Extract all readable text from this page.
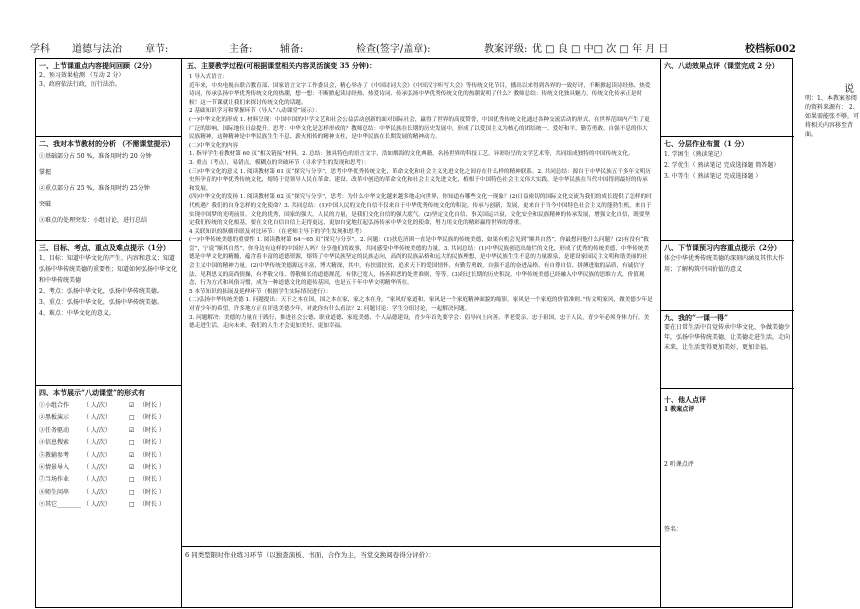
学科 道德与法治 章节:	主备:	辅备:	检查(签字/盖章):	教案评级: 优 □ 良 □ 中□ 次 □ 年 月 日	校档标002

一、上节课重点内容提问回顾（2分）

2、预习效果检测 （互动 2 分）

3、政府依法行政，厉行法治。

二、我对本节教材的分析 （不需课堂提示）

①基础部分占 50 %，准备用时约 20 分钟

掌握

②重点部分占 25 %，准备用时约 25分钟

突破

③难点的处理突发：小组讨论，进行总结

三、目标、考点、重点及难点提示（1分）

1、目标：知道中华文化的产生、内容和意义；知道弘扬中华传统美德的重要性；知道如何弘扬中华文化和中华传统美德

2、考点：弘扬中华文化，弘扬中华传统美德。

3、重点：弘扬中华文化，弘扬中华传统美德。

4、难点：中华文化的意义。

四、本节展示“八动课堂”的形式有

①小组合作	（ 人/次）	☑ （时长 ）
②黑板演示	（ 人/次）	□ （时长 ）
③任务驱动	（ 人/次）	☑ （时长 ）
④信息搜索	（ 人/次）	□ （时长 ）
⑤教辅参考	（ 人/次）	☑ （时长 ）
⑥情景导入	（ 人/次）	☑ （时长 ）
⑦当场作业	（ 人/次）	□ （时长 ）
⑧师生问串	（ 人/次）	□ （时长 ）
⑨其它________ （ 人/次）	□ （时长 ）

五、主要教学过程(可根据课堂相关内容灵活演变 35 分钟)：

1 导入式语言：

近年来，中央电视台联合教育部、国家语言文字工作委员会，精心举办了《中国诗词大会》《中国汉字听写大会》等传统文化节目，播出以来得到各界的一致好评，不断掀起读诗经热、热爱诗词，传承弘扬中华优秀传统文化的热潮，想一想：不断掀起读诗经热、热爱诗词、传承弘扬中华优秀传统文化的热潮说明了什么？教师总结：传统文化独具魅力，传统文化传承正是时候！这一节课就让我们来探讨传统文化的话题。

2 基础知识学习和掌握环节（导入“八动课堂”展示）：

(一)中华文化的形成 1. 材料呈现：中国中国的中学文艺和社会公益活动创新的面对国际社会，赢得了世界的高度赞誉，中国优秀传统文化通过各种交流活动的形式，在世界范围内产生了更广泛的影响，国际地位日益提升。思考：中华文化是怎样形成的？教师总结：中华民族在长期的历史发展中，形成了以爱国主义为核心的团结统一、爱好和平、勤劳勇敢、自强不息的伟大民族精神，这种精神是中华民族生生不息、薪火相传的精神支柱，是中华民族在长期发展的精神动力。

(二)中华文化的内容

1. 指导学生看教材第 60 页“相关链接”材料。2. 总结：独具特色的语言文字，浩如烟海的文化典籍，名扬世界的科技工艺，异彩纷呈的文学艺术等，共同组成独特的中国传统文化。

3. 重点（考点），易错点，模糊点的突破环节（寻求学生的发现和思考）：

(三)中华文化的意义 1. 阅读教材第 61 页“探究与分享”，思考中华优秀传统文化，革命文化和社会主义先进文化之间存在什么样的精神联系。2. 共同总结：源自于中华民族五千多年文明历史所孕育的中华优秀传统文化，熔铸于党领导人民在革命、建设、改革中创造的革命文化和社会主义先进文化，植根于中国特色社会主义伟大实践，是中华民族在当代中国得到最好的传承和发展。

(四)中华文化的发扬 1. 阅读教材第 62 页“探究与分享”，思考：为什么中华文化越来越多地走向世界，你知道有哪些文化一现象？(2)日益密切的国际文化交流为我们的成长提供了怎样的时代机遇？我们的自身怎样的文化使命？3. 共同总结：(1)中国人民的文化自信不仅来自于中华优秀传统文化的积淀，传承与创新，发展，更来自于当今中国特色社会主义的蓬勃生机，来自于实现中国梦的光明前景。文化的优秀，国家的强大，人民的力量，是我们文化自信的强大底气。(2)坚定文化自信，事关国运兴衰，文化安全和民族精神的传承发展，增强文化自信，既要坚定我们传统的文化根基，要在文化自信自信上走得更远，更加自觉地扛起弘扬传承中华文化的使命，努力用文化的精彩赢得世界的尊重。

4 关联知识的纵横串联及对比环节：（在老师主导下的学生发现和思考）

(一)中华传统美德的重要性 1. 阅读教材第 64～65 页“探究与分享”。2. 问题：(1)扶危济困一直是中华民族的传统美德，如果有机会见到“顺其自然”，你最想问他什么问题？(2)有没有“救尝”，宁说“顺其自然”，你身边有这样的中国好人吗？分享他们的故事，共同感受中华传统美德的力量。3. 共同总结：(1)中华民族创造出灿烂的文化，形成了优秀的传统美德，中华传统美德是中华文化的精髓，蕴含着丰富的道德资源，熔铸了中华民族坚定的民族志向，高尚的民族品格和远大的民族理想，是中华民族生生不息的力量源泉，是建设家园民主文明和谐美丽的社会主义中国的精神力量。(2)中华传统美德源远丰富，博大精深，其中，有扶弱扶贫，追求天下的爱国情怀，有勤劳勇敢，自强不息的奋进品格，有自尊自信、拼搏进取的品质，有诚信守法、见利思义的高尚情操，有孝敬父母、尊敬师长的道德规范，有律已宽人，扬善抑恶的处世准则，等等。(3)经过长期的历史积淀，中华传统美德已经融入中华民族的思维方式，价值观念，行为方式和风俗习惯，成为一种道德文化的遗传基因，也是五千年中华文明精华所在。

5 本节知识的拓展及延伸环节（根据学生实际情况进行）：

(二)弘扬中华传统美德 1. 问题提出：天下之本在国，国之本在家，家之本在身。“家风好家道和，家风是一个家庭精神面貌的缩影，家风是一个家庭的价值准则。”传文明家风，做美德少年是对青少年的希望，许多地方正在评选美德少年，对此你有什么看法？2. 问题讨论：学生分组讨论，一起解决问题。

3. 问题解决：美德的力量在于践行，推进社会公德、职业道德、家庭美德、个人品德建设，青少年首先要学会：倡导向上向善，孝老爱亲，忠于祖国，忠于人民，青少年必须身体力行，美德走进生活，走向未来，我们的人生才会更加美好，更加幸福。

6 同类型限时作业练习环节（以独查演板、书面、合作为主，当堂交换阅卷得分评价）：

六、八动效果点评（课堂完成 2 分）

七、分层作业布置（1 分）

1. 学困生（熟读笔记）

2. 学优生（ 熟读笔记 完成选择题 简答题）

3. 中等生（ 熟读笔记 完成选择题 ）

八、下节课预习内容重点提示（2分）

体会中华优秀传统美德的深刻内涵及其伟大作用；了解构筑中国价值的意义

九、我的“一课一得”

要在日常生活中自觉传承中华文化，争做美德少年，弘扬中华传统美德，让美德走进生活，走向未来，让生活变得更加美好、更加幸福。

十、他人点评

1 教案点评

2 听课点评

签名：

说

明：1、本教案参阅的资料来源有： 2、如果需能张不够，可将相关内容移至背面。
